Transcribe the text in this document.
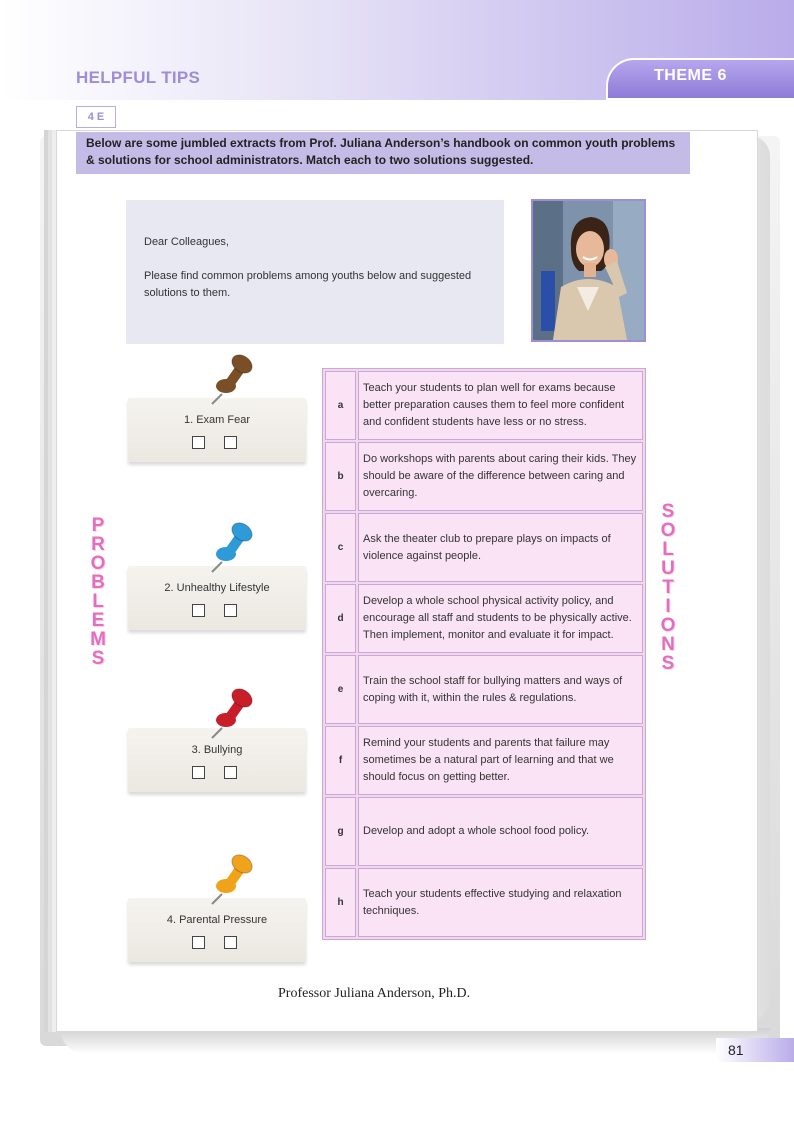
HELPFUL TIPS	THEME 6
4 E
Below are some jumbled extracts from Prof. Juliana Anderson’s handbook on common youth problems & solutions for school administrators. Match each to two solutions suggested.

Dear Colleagues,

Please find common problems among youths below and suggested solutions to them.

P
R
O
B
L
E
M
S
S
O
L
U
T
I
O
N
S
1. Exam Fear
2. Unhealthy Lifestyle
3. Bullying
4. Parental Pressure
a	Teach your students to plan well for exams because better preparation causes them to feel more confident and confident students have less or no stress.
b	Do workshops with parents about caring their kids. They should be aware of the difference between caring and overcaring.
c	Ask the theater club to prepare plays on impacts of violence against people.
d	Develop a whole school physical activity policy, and encourage all staff and students to be physically active. Then implement, monitor and evaluate it for impact.
e	Train the school staff for bullying matters and ways of coping with it, within the rules & regulations.
f	Remind your students and parents that failure may sometimes be a natural part of learning and that we should focus on getting better.
g	Develop and adopt a whole school food policy.
h	Teach your students effective studying and relaxation techniques.
Professor Juliana Anderson, Ph.D.
81
